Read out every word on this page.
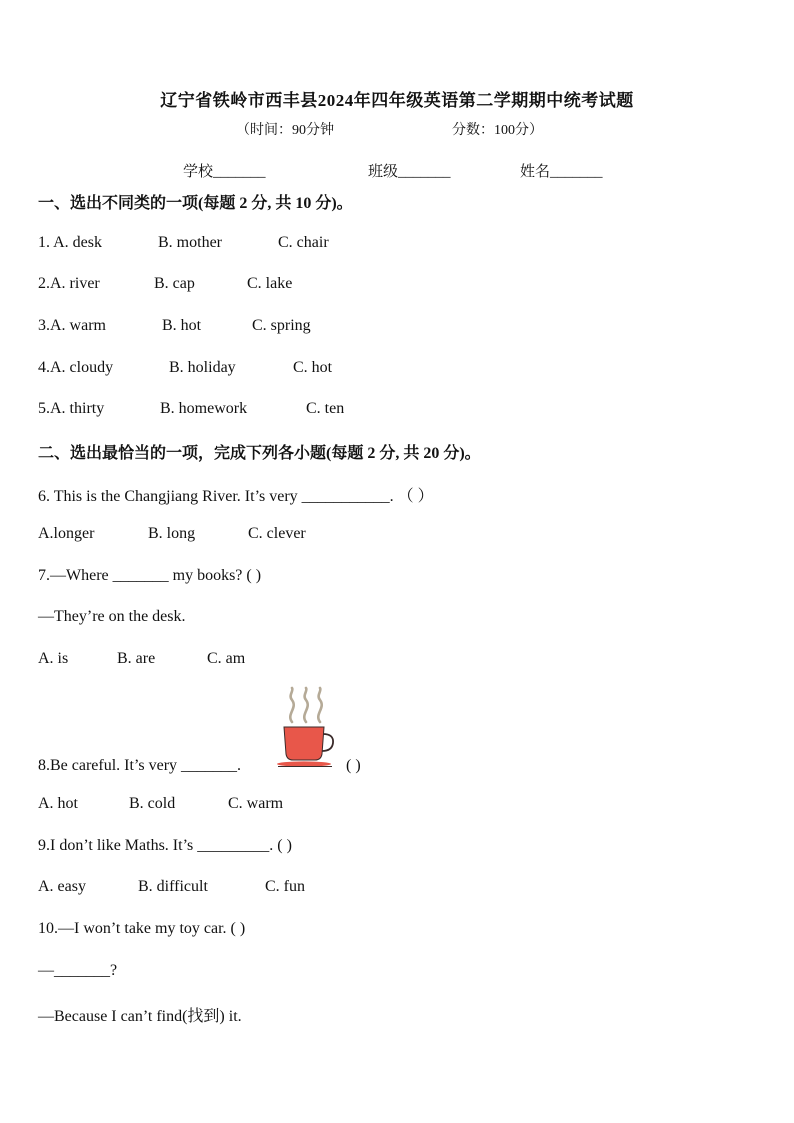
辽宁省铁岭市西丰县2024年四年级英语第二学期期中统考试题
（时间：90分钟	分数：100分）
学校_______	班级_______	姓名_______
一、选出不同类的一项(每题 2 分, 共 10 分)。
1. A. desk	B. mother	C. chair
2.A. river	B. cap	C. lake
3.A. warm	B. hot	C. spring
4.A. cloudy	B. holiday	C. hot
5.A. thirty	B. homework	C. ten
二、选出最恰当的一项，完成下列各小题(每题 2 分, 共 20 分)。
6. This is the Changjiang River. It’s very ___________. （ ）
A.longer	B. long	C. clever
7.—Where _______ my books? ( )
—They’re on the desk.
A. is	B. are	C. am
8.Be careful. It’s very _______.	( )
A. hot	B. cold	C. warm
9.I don’t like Maths. It’s _________. ( )
A. easy	B. difficult	C. fun
10.—I won’t take my toy car. ( )
—_______?
—Because I can’t find(找到) it.
